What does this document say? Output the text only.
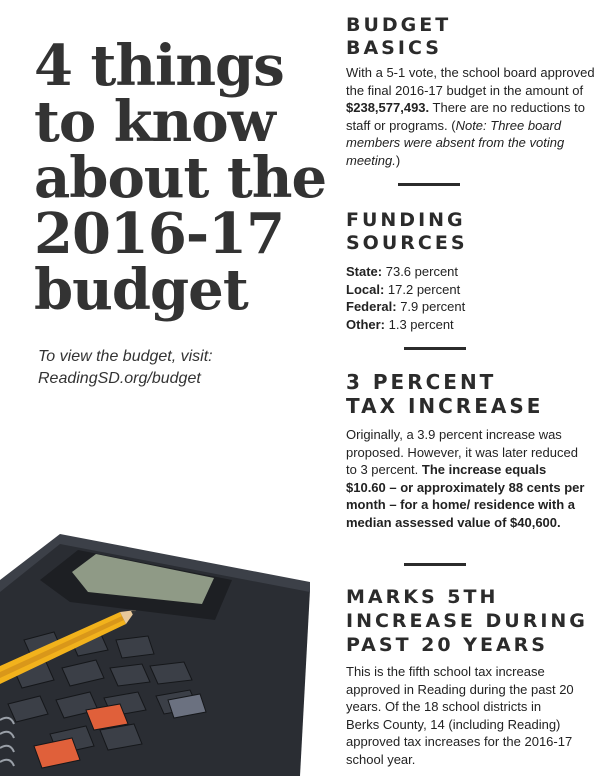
4 things
to know
about the
2016-17
budget
To view the budget, visit:
ReadingSD.org/budget
BUDGET
BASICS
With a 5-1 vote, the school board approved the final 2016-17 budget in the amount of $238,577,493. There are no reductions to staff or programs. (Note: Three board members were absent from the voting meeting.)
FUNDING
SOURCES
State: 73.6 percent
Local: 17.2 percent
Federal: 7.9 percent
Other: 1.3 percent
3 PERCENT
TAX INCREASE
Originally, a 3.9 percent increase was proposed. However, it was later reduced to 3 percent. The increase equals $10.60 – or approximately 88 cents per month – for a home/ residence with a median assessed value of $40,600.
MARKS 5TH
INCREASE DURING
PAST 20 YEARS
This is the fifth school tax increase approved in Reading during the past 20 years. Of the 18 school districts in Berks County, 14 (including Reading) approved tax increases for the 2016-17 school year.
